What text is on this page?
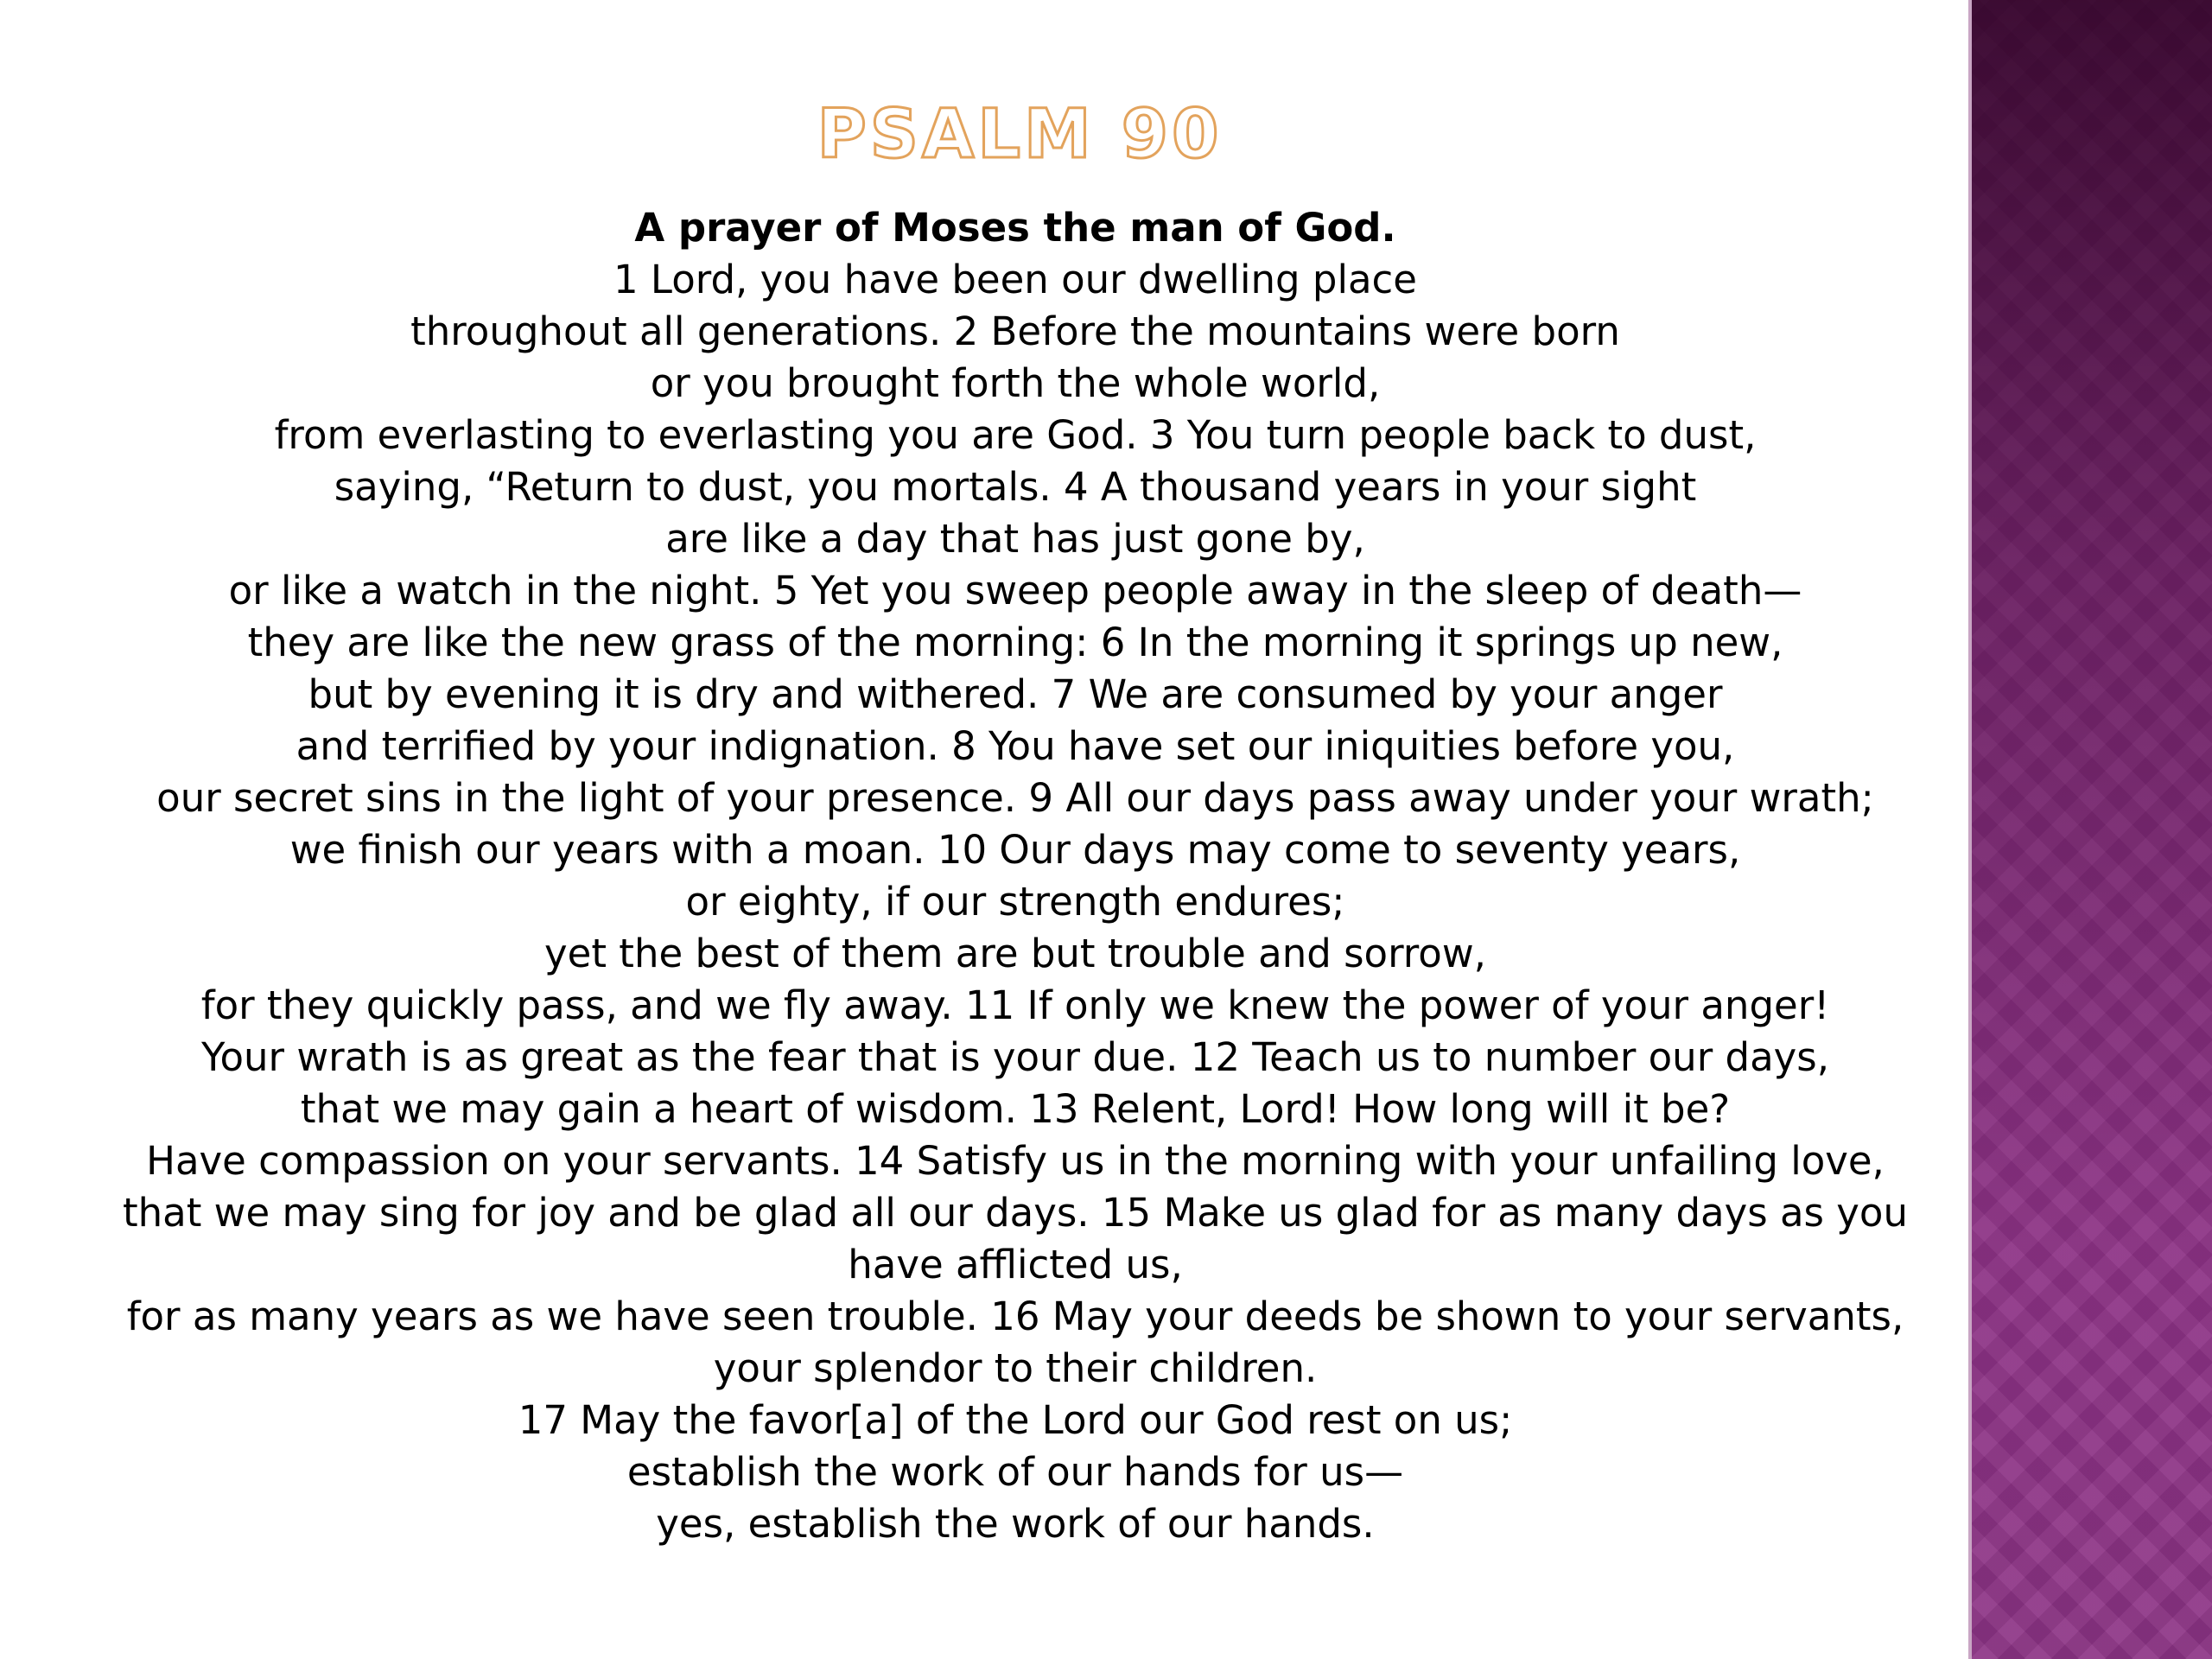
PSALM 90
A prayer of Moses the man of God.
1 Lord, you have been our dwelling place
throughout all generations. 2 Before the mountains were born
or you brought forth the whole world,
from everlasting to everlasting you are God. 3 You turn people back to dust,
saying, “Return to dust, you mortals. 4 A thousand years in your sight
are like a day that has just gone by,
or like a watch in the night. 5 Yet you sweep people away in the sleep of death—
they are like the new grass of the morning: 6 In the morning it springs up new,
but by evening it is dry and withered. 7 We are consumed by your anger
and terrified by your indignation. 8 You have set our iniquities before you,
our secret sins in the light of your presence. 9 All our days pass away under your wrath;
we finish our years with a moan. 10 Our days may come to seventy years,
or eighty, if our strength endures;
yet the best of them are but trouble and sorrow,
for they quickly pass, and we fly away. 11 If only we knew the power of your anger!
Your wrath is as great as the fear that is your due. 12 Teach us to number our days,
that we may gain a heart of wisdom. 13 Relent, Lord! How long will it be?
Have compassion on your servants. 14 Satisfy us in the morning with your unfailing love,
that we may sing for joy and be glad all our days. 15 Make us glad for as many days as you have afflicted us,
for as many years as we have seen trouble. 16 May your deeds be shown to your servants,
your splendor to their children.
17 May the favor[a] of the Lord our God rest on us;
establish the work of our hands for us—
yes, establish the work of our hands.
